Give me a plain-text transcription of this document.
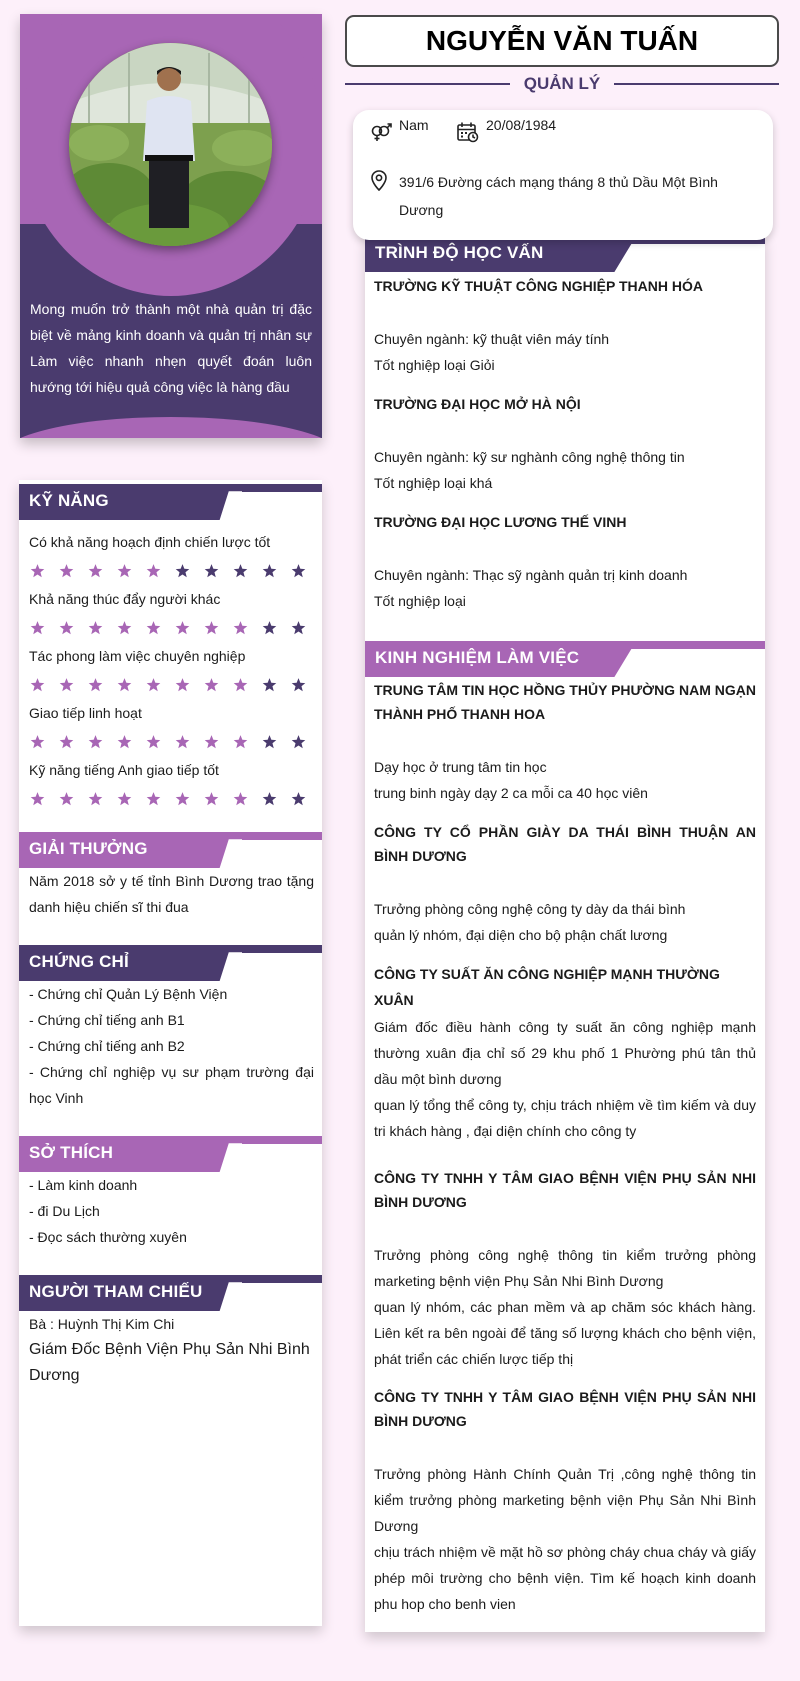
Mong muốn trở thành một nhà quản trị đặc biệt về mảng kinh doanh và quản trị nhân sự Làm việc nhanh nhẹn quyết đoán luôn hướng tới hiệu quả công việc là hàng đầu
KỸ NĂNG
Có khả năng hoạch định chiến lược tốt
Khả năng thúc đẩy người khác
Tác phong làm việc chuyên nghiệp
Giao tiếp linh hoạt
Kỹ năng tiếng Anh giao tiếp tốt
GIẢI THƯỞNG
Năm 2018 sở y tế tỉnh Bình Dương trao tặng danh hiệu chiến sĩ thi đua
CHỨNG CHỈ
- Chứng chỉ Quản Lý Bệnh Viện
- Chứng chỉ tiếng anh B1
- Chứng chỉ tiếng anh B2
- Chứng chỉ nghiệp vụ sư phạm trường đại học Vinh
SỞ THÍCH
- Làm kinh doanh
- đi Du Lịch
- Đọc sách thường xuyên
NGƯỜI THAM CHIẾU
Bà : Huỳnh Thị Kim Chi
Giám Đốc Bệnh Viện Phụ Sản Nhi Bình Dương
NGUYỄN VĂN TUẤN
QUẢN LÝ
TRÌNH ĐỘ HỌC VẤN
TRƯỜNG KỸ THUẬT CÔNG NGHIỆP THANH HÓA
Chuyên ngành: kỹ thuật viên máy tính
Tốt nghiệp loại Giỏi
TRƯỜNG ĐẠI HỌC MỞ HÀ NỘI
Chuyên ngành: kỹ sư nghành công nghệ thông tin
Tốt nghiệp loại khá
TRƯỜNG ĐẠI HỌC LƯƠNG THẾ VINH
Chuyên ngành: Thạc sỹ ngành quản trị kinh doanh
Tốt nghiệp loại
KINH NGHIỆM LÀM VIỆC
TRUNG TÂM TIN HỌC HỒNG THỦY PHƯỜNG NAM NGẠN THÀNH PHỐ THANH HOA
Dạy học ở trung tâm tin học
trung binh ngày dạy 2 ca mỗi ca 40 học viên
CÔNG TY CỔ PHẦN GIÀY DA THÁI BÌNH THUẬN AN BÌNH DƯƠNG
Trưởng phòng công nghệ công ty dày da thái bình
quản lý nhóm, đại diện cho bộ phận chất lương
CÔNG TY SUẤT ĂN CÔNG NGHIỆP MẠNH THƯỜNG XUÂN
Giám đốc điều hành công ty suất ăn công nghiệp mạnh thường xuân địa chỉ số 29 khu phố 1 Phường phú tân thủ dầu một bình dương
quan lý tổng thể công ty, chịu trách nhiệm về tìm kiếm và duy tri khách hàng , đại diện chính cho công ty
CÔNG TY TNHH Y TÂM GIAO BỆNH VIỆN PHỤ SẢN NHI BÌNH DƯƠNG
Trưởng phòng công nghệ thông tin kiểm trưởng phòng marketing bệnh viện Phụ Sản Nhi Bình Dương
quan lý nhóm, các phan mềm và ap chăm sóc khách hàng. Liên kết ra bên ngoài để tăng số lượng khách cho bệnh viện, phát triển các chiến lược tiếp thị
CÔNG TY TNHH Y TÂM GIAO BỆNH VIỆN PHỤ SẢN NHI BÌNH DƯƠNG
Trưởng phòng Hành Chính Quản Trị ,công nghệ thông tin kiểm trưởng phòng marketing bệnh viện Phụ Sản Nhi Bình Dương
chịu trách nhiệm về mặt hồ sơ phòng cháy chua cháy và giấy phép môi trường cho bệnh viện. Tìm kế hoạch kinh doanh phu hop cho benh vien
Nam	20/08/1984
391/6 Đường cách mạng tháng 8 thủ Dầu Một Bình Dương
